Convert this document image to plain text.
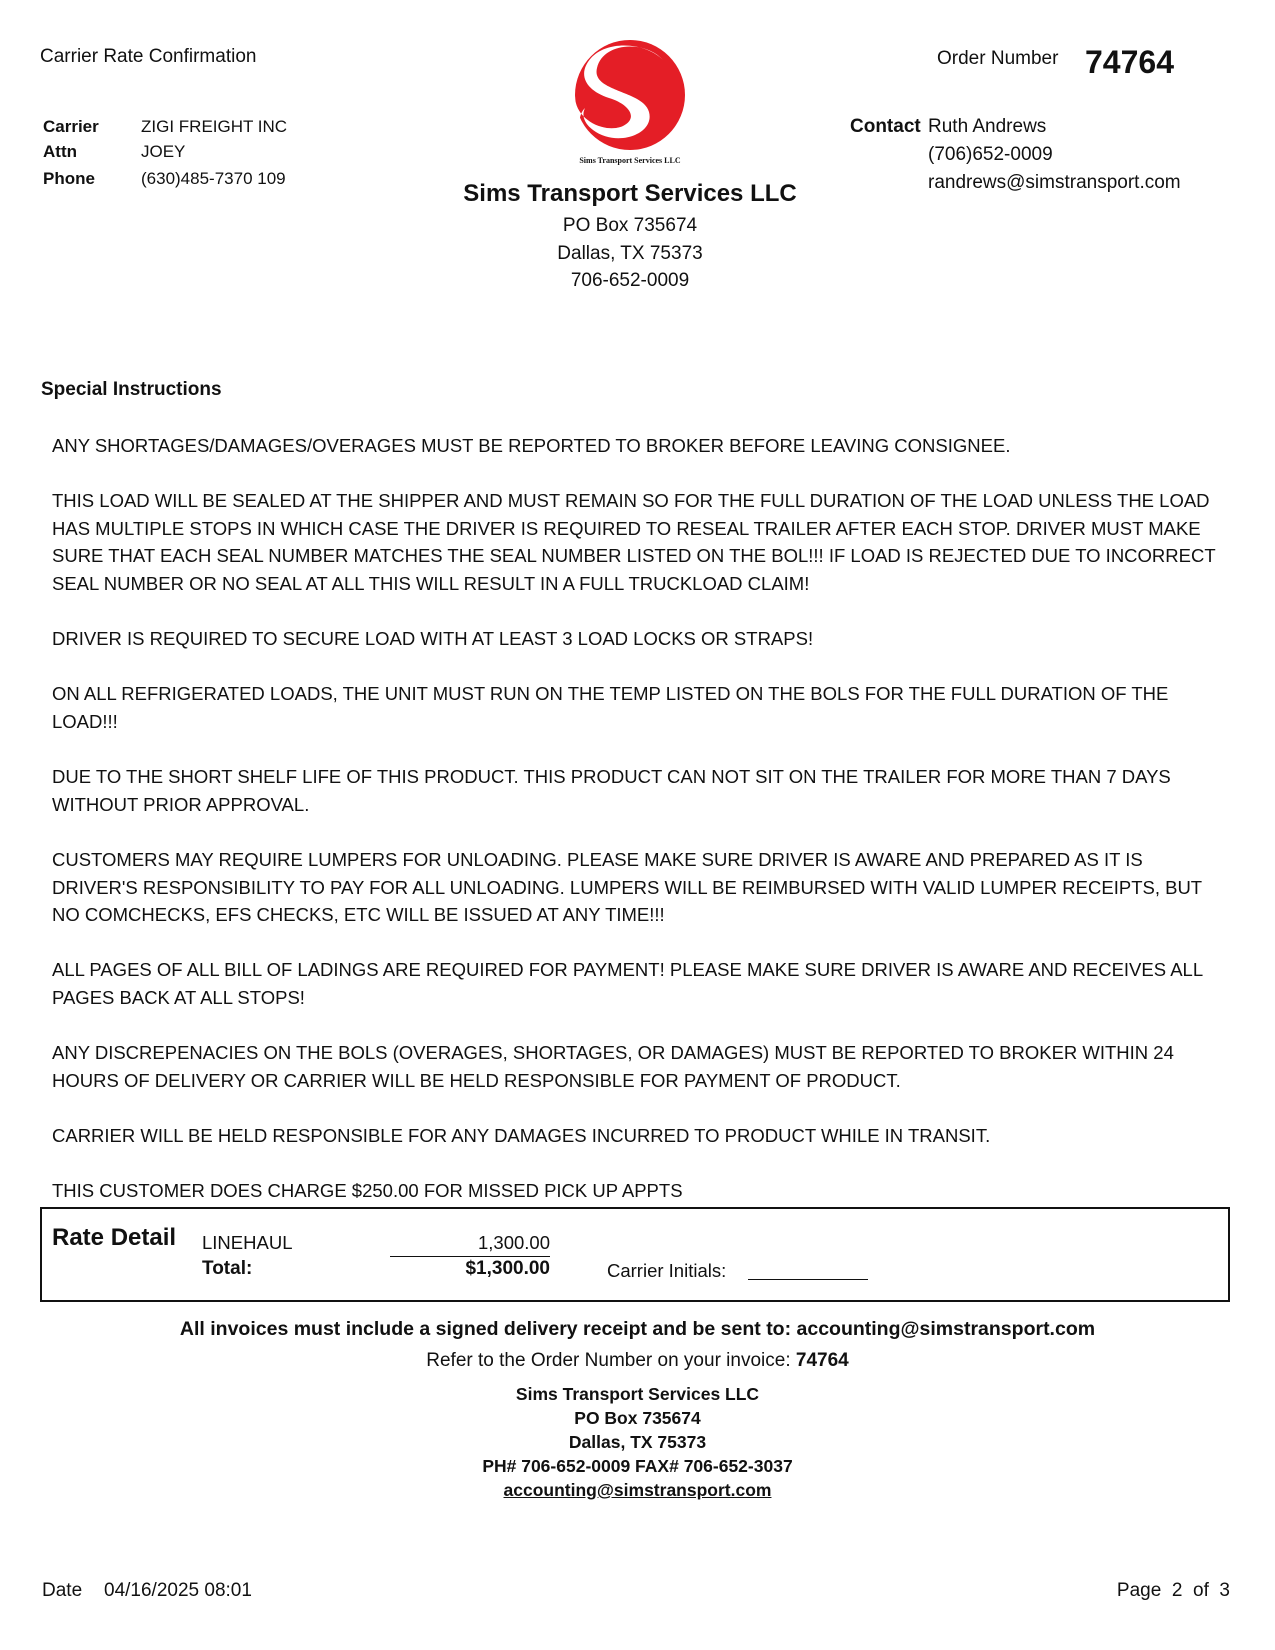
Carrier Rate Confirmation	Order Number 74764
Carrier ZIGI FREIGHT INC
Attn	JOEY
Phone	(630)485-7370 109
Sims Transport Services LLC
Sims Transport Services LLC
PO Box 735674
Dallas, TX 75373
706-652-0009
Contact Ruth Andrews
(706)652-0009
randrews@simstransport.com
Special Instructions

ANY SHORTAGES/DAMAGES/OVERAGES MUST BE REPORTED TO BROKER BEFORE LEAVING CONSIGNEE.

THIS LOAD WILL BE SEALED AT THE SHIPPER AND MUST REMAIN SO FOR THE FULL DURATION OF THE LOAD UNLESS THE LOAD HAS MULTIPLE STOPS IN WHICH CASE THE DRIVER IS REQUIRED TO RESEAL TRAILER AFTER EACH STOP. DRIVER MUST MAKE SURE THAT EACH SEAL NUMBER MATCHES THE SEAL NUMBER LISTED ON THE BOL!!! IF LOAD IS REJECTED DUE TO INCORRECT SEAL NUMBER OR NO SEAL AT ALL THIS WILL RESULT IN A FULL TRUCKLOAD CLAIM!

DRIVER IS REQUIRED TO SECURE LOAD WITH AT LEAST 3 LOAD LOCKS OR STRAPS!

ON ALL REFRIGERATED LOADS, THE UNIT MUST RUN ON THE TEMP LISTED ON THE BOLS FOR THE FULL DURATION OF THE LOAD!!!

DUE TO THE SHORT SHELF LIFE OF THIS PRODUCT. THIS PRODUCT CAN NOT SIT ON THE TRAILER FOR MORE THAN 7 DAYS WITHOUT PRIOR APPROVAL.

CUSTOMERS MAY REQUIRE LUMPERS FOR UNLOADING. PLEASE MAKE SURE DRIVER IS AWARE AND PREPARED AS IT IS DRIVER'S RESPONSIBILITY TO PAY FOR ALL UNLOADING. LUMPERS WILL BE REIMBURSED WITH VALID LUMPER RECEIPTS, BUT NO COMCHECKS, EFS CHECKS, ETC WILL BE ISSUED AT ANY TIME!!!

ALL PAGES OF ALL BILL OF LADINGS ARE REQUIRED FOR PAYMENT! PLEASE MAKE SURE DRIVER IS AWARE AND RECEIVES ALL PAGES BACK AT ALL STOPS!

ANY DISCREPENACIES ON THE BOLS (OVERAGES, SHORTAGES, OR DAMAGES) MUST BE REPORTED TO BROKER WITHIN 24 HOURS OF DELIVERY OR CARRIER WILL BE HELD RESPONSIBLE FOR PAYMENT OF PRODUCT.

CARRIER WILL BE HELD RESPONSIBLE FOR ANY DAMAGES INCURRED TO PRODUCT WHILE IN TRANSIT.

THIS CUSTOMER DOES CHARGE $250.00 FOR MISSED PICK UP APPTS

Rate Detail LINEHAUL	1,300.00
Total:	$1,300.00	Carrier Initials:
All invoices must include a signed delivery receipt and be sent to: accounting@simstransport.com
Refer to the Order Number on your invoice: 74764
Sims Transport Services LLC
PO Box 735674
Dallas, TX 75373
PH# 706-652-0009 FAX# 706-652-3037
accounting@simstransport.com
Date 04/16/2025 08:01	Page 2 of 3
